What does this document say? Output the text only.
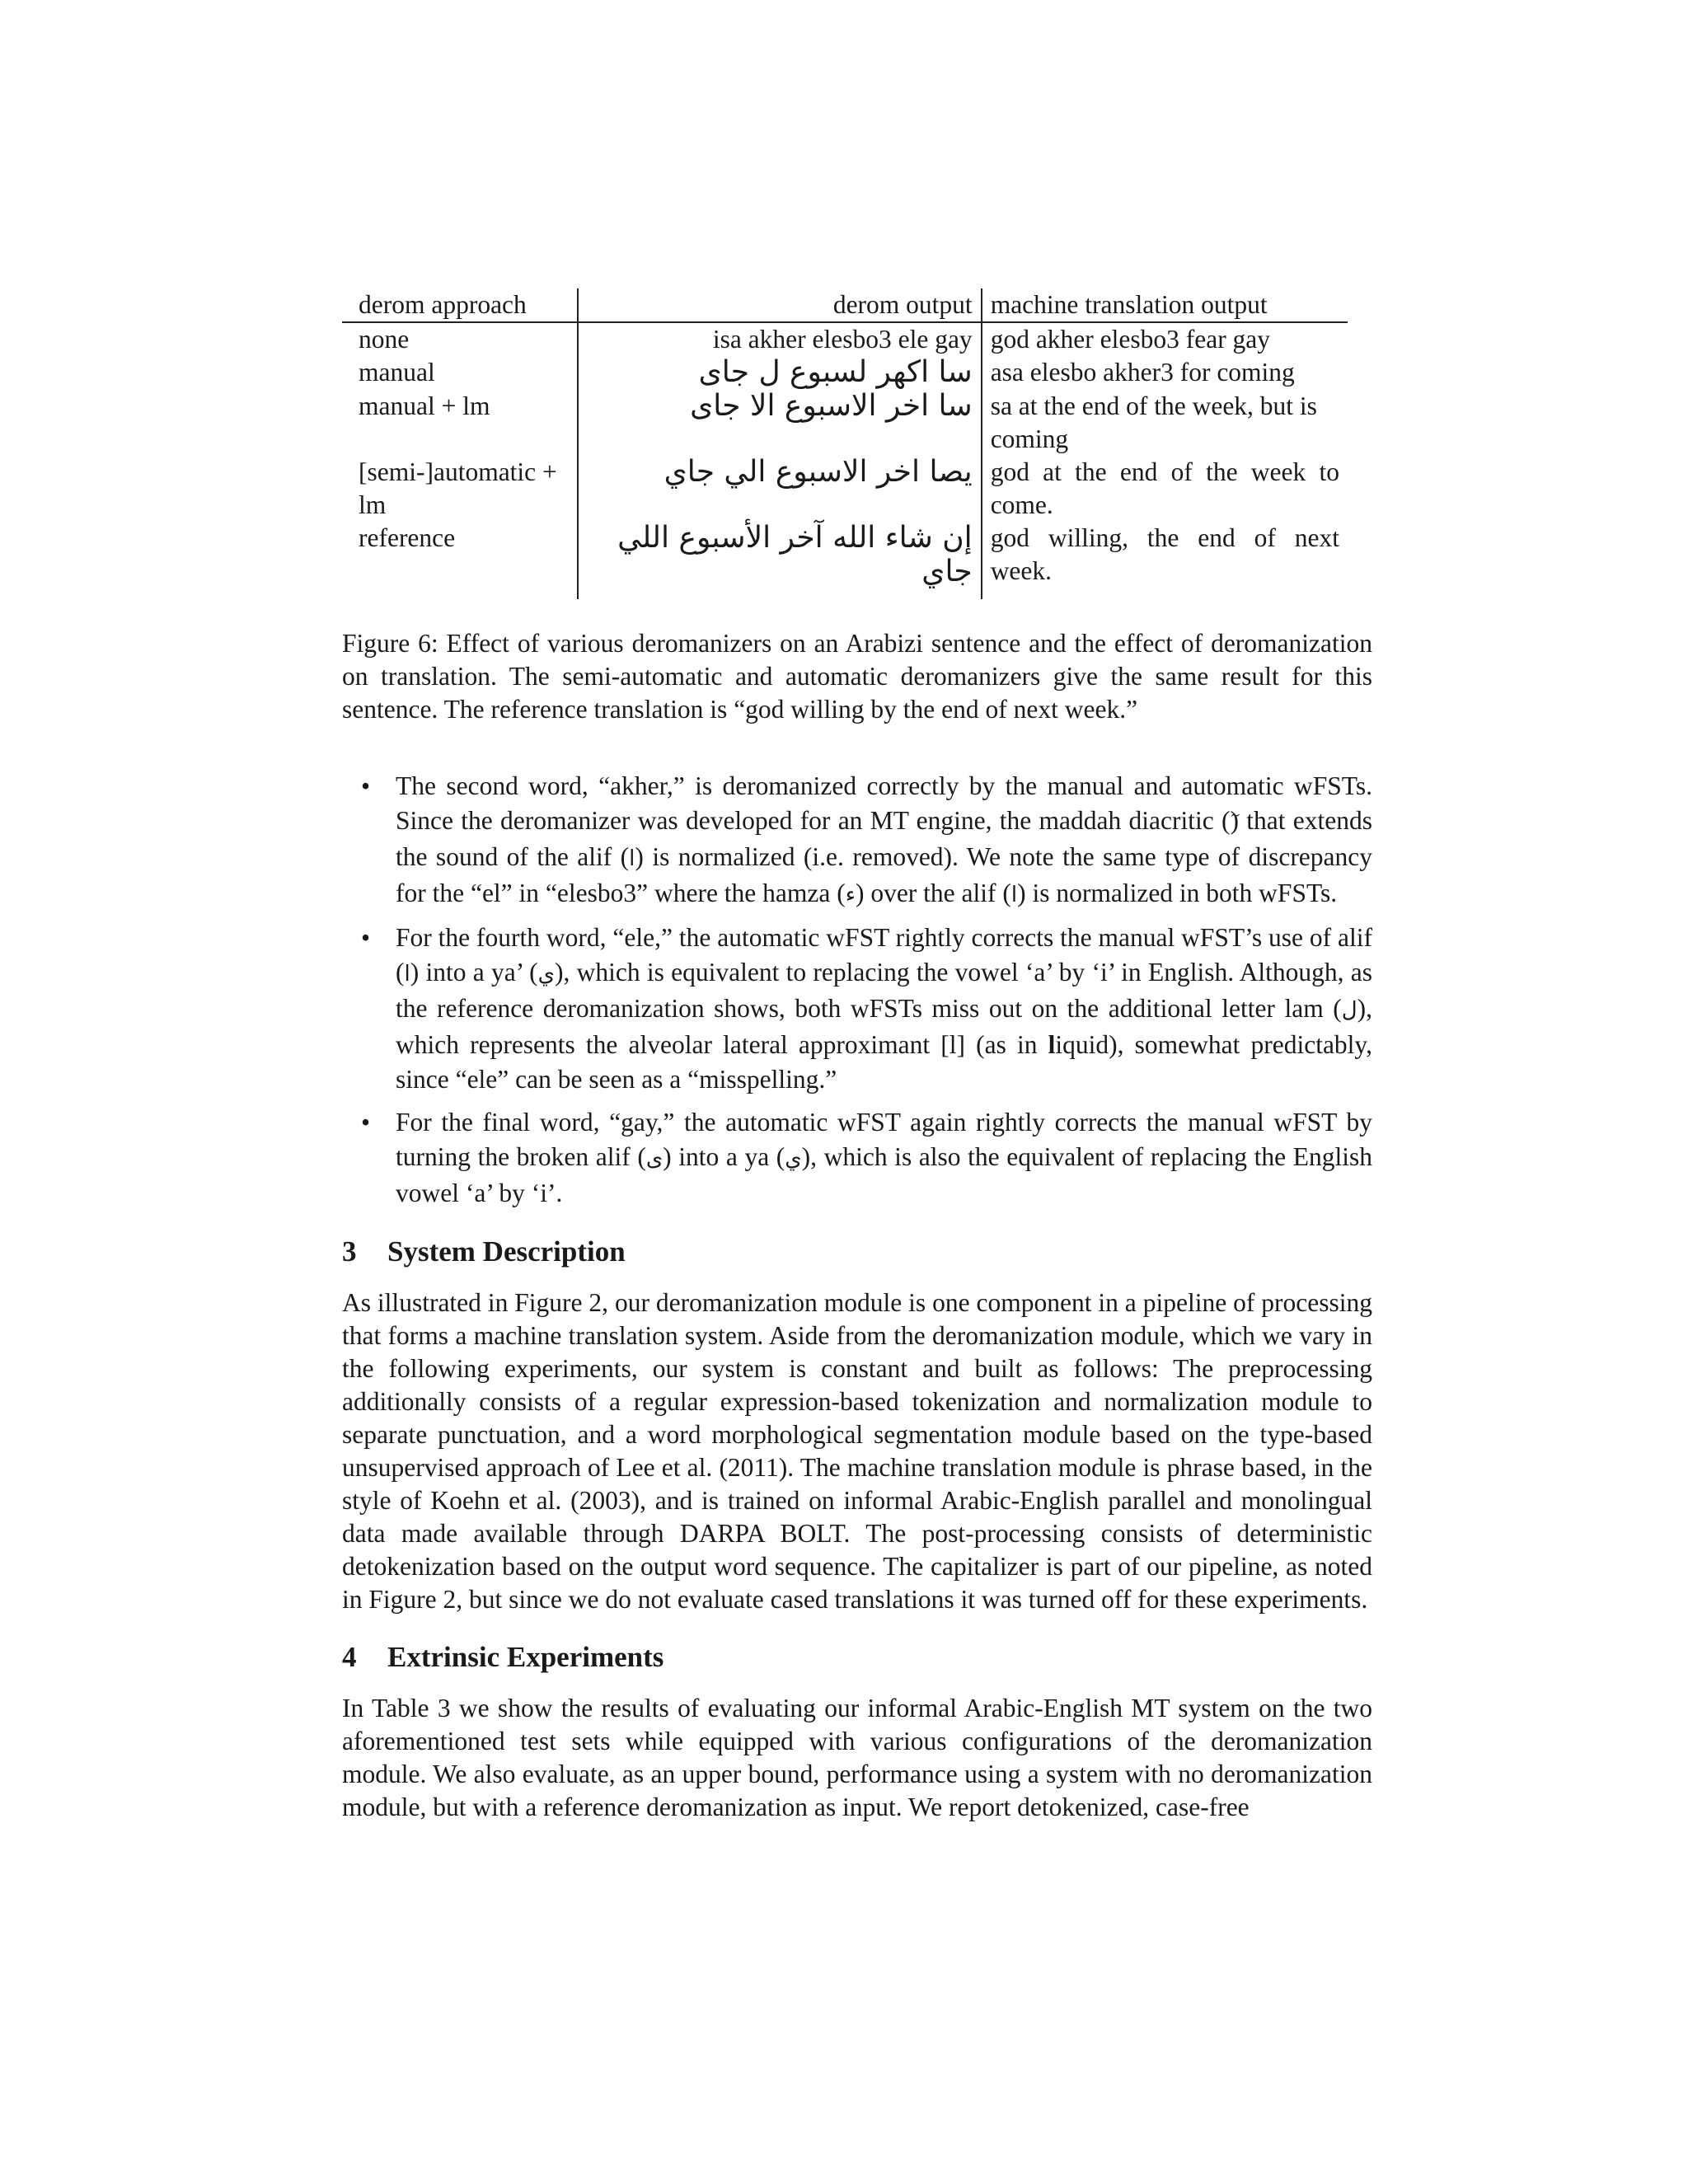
derom approach	derom output	machine translation output
none	isa akher elesbo3 ele gay	god akher elesbo3 fear gay
manual	سا اكهر لسبوع ل جاى	asa elesbo akher3 for coming
manual + lm	سا اخر الاسبوع الا جاى	sa at the end of the week, but is coming
[semi-]automatic + lm	يصا اخر الاسبوع الي جاي	god at the end of the week to come.
reference	إن شاء الله آخر الأسبوع اللي جاي	god willing, the end of next week.
Figure 6: Effect of various deromanizers on an Arabizi sentence and the effect of deromanization on translation. The semi-automatic and automatic deromanizers give the same result for this sentence. The reference translation is “god willing by the end of next week.”
• The second word, “akher,” is deromanized correctly by the manual and automatic wFSTs. Since the deromanizer was developed for an MT engine, the maddah diacritic () that extends the sound of the alif (ا) is normalized (i.e. removed). We note the same type of discrepancy for the “el” in “elesbo3” where the hamza (ء) over the alif (ا) is normalized in both wFSTs.
• For the fourth word, “ele,” the automatic wFST rightly corrects the manual wFST’s use of alif (ا) into a ya’ (ي), which is equivalent to replacing the vowel ‘a’ by ‘i’ in English. Although, as the reference deromanization shows, both wFSTs miss out on the additional letter lam (ل), which represents the alveolar lateral approximant [l] (as in liquid), somewhat predictably, since “ele” can be seen as a “misspelling.”
• For the final word, “gay,” the automatic wFST again rightly corrects the manual wFST by turning the broken alif (ى) into a ya (ي), which is also the equivalent of replacing the English vowel ‘a’ by ‘i’.
3 System Description

As illustrated in Figure 2, our deromanization module is one component in a pipeline of processing that forms a machine translation system. Aside from the deromanization module, which we vary in the following experiments, our system is constant and built as follows: The preprocessing additionally consists of a regular expression-based tokenization and normalization module to separate punctuation, and a word morphological segmentation module based on the type-based unsupervised approach of Lee et al. (2011). The machine translation module is phrase based, in the style of Koehn et al. (2003), and is trained on informal Arabic-English parallel and monolingual data made available through DARPA BOLT. The post-processing consists of deterministic detokenization based on the output word sequence. The capitalizer is part of our pipeline, as noted in Figure 2, but since we do not evaluate cased translations it was turned off for these experiments.

4 Extrinsic Experiments

In Table 3 we show the results of evaluating our informal Arabic-English MT system on the two aforementioned test sets while equipped with various configurations of the deromanization module. We also evaluate, as an upper bound, performance using a system with no deromanization module, but with a reference deromanization as input. We report detokenized, case-free
